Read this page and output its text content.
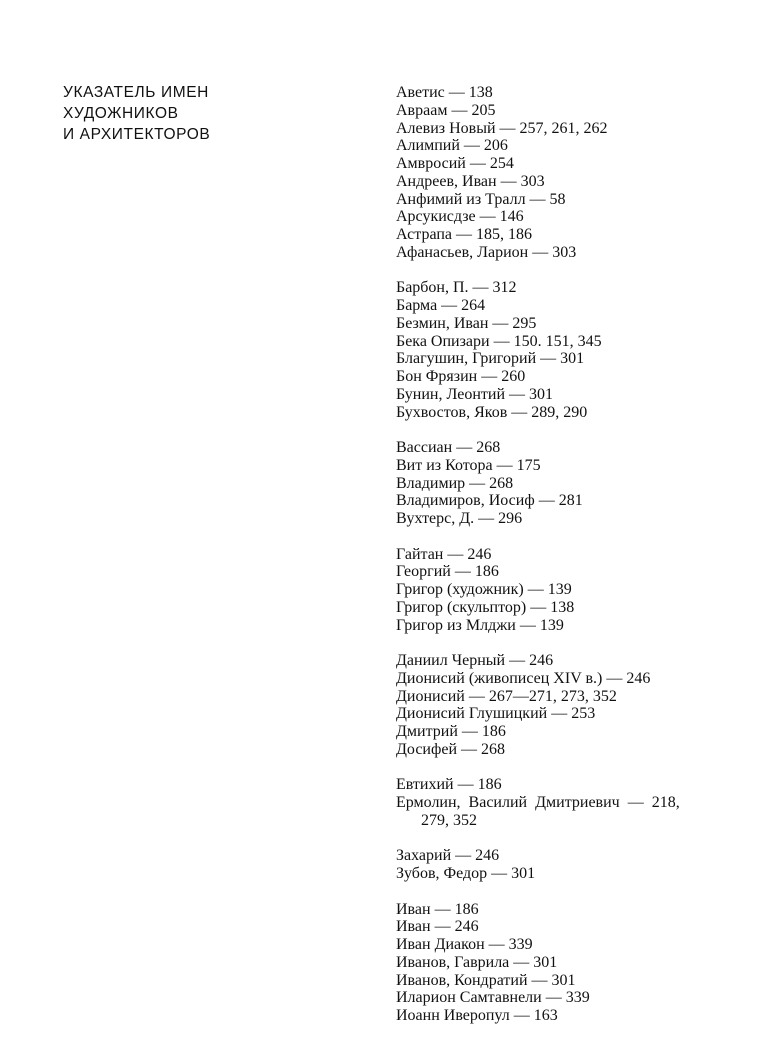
УКАЗАТЕЛЬ ИМЕН
ХУДОЖНИКОВ
И АРХИТЕКТОРОВ
Аветис — 138
Авраам — 205
Алевиз Новый — 257, 261, 262
Алимпий — 206
Амвросий — 254
Андреев, Иван — 303
Анфимий из Тралл — 58
Арсукисдзе — 146
Астрапа — 185, 186
Афанасьев, Ларион — 303
Барбон, П. — 312
Барма — 264
Безмин, Иван — 295
Бека Опизари — 150. 151, 345
Благушин, Григорий — 301
Бон Фрязин — 260
Бунин, Леонтий — 301
Бухвостов, Яков — 289, 290
Вассиан — 268
Вит из Котора — 175
Владимир — 268
Владимиров, Иосиф — 281
Вухтерс, Д. — 296
Гайтан — 246
Георгий — 186
Григор (художник) — 139
Григор (скульптор) — 138
Григор из Млджи — 139
Даниил Черный — 246
Дионисий (живописец XIV в.) — 246
Дионисий — 267—271, 273, 352
Дионисий Глушицкий — 253
Дмитрий — 186
Досифей — 268
Евтихий — 186
Ермолин,  Василий  Дмитриевич  —  218,
279, 352
Захарий — 246
Зубов, Федор — 301
Иван — 186
Иван — 246
Иван Диакон — 339
Иванов, Гаврила — 301
Иванов, Кондратий — 301
Иларион Самтавнели — 339
Иоанн Иверопул — 163
